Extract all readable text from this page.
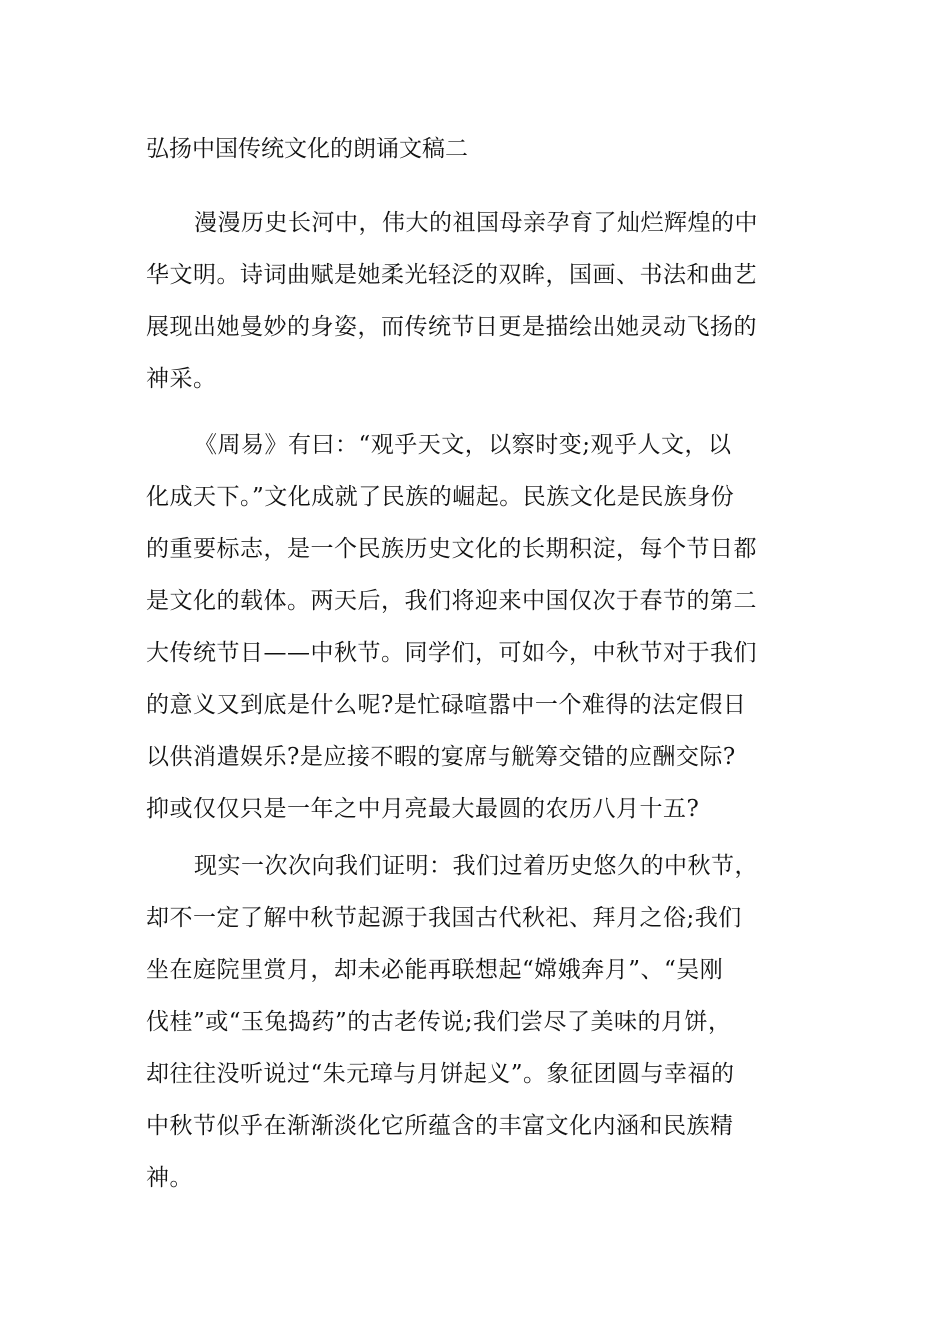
弘扬中国传统文化的朗诵文稿二
漫漫历史长河中，伟大的祖国母亲孕育了灿烂辉煌的中
华文明。诗词曲赋是她柔光轻泛的双眸，国画、书法和曲艺
展现出她曼妙的身姿，而传统节日更是描绘出她灵动飞扬的
神采。
《周易》有曰：“观乎天文，以察时变;观乎人文，以
化成天下。”文化成就了民族的崛起。民族文化是民族身份
的重要标志，是一个民族历史文化的长期积淀，每个节日都
是文化的载体。两天后，我们将迎来中国仅次于春节的第二
大传统节日——中秋节。同学们，可如今，中秋节对于我们
的意义又到底是什么呢?是忙碌喧嚣中一个难得的法定假日
以供消遣娱乐?是应接不暇的宴席与觥筹交错的应酬交际?
抑或仅仅只是一年之中月亮最大最圆的农历八月十五?
现实一次次向我们证明：我们过着历史悠久的中秋节，
却不一定了解中秋节起源于我国古代秋祀、拜月之俗;我们
坐在庭院里赏月，却未必能再联想起“嫦娥奔月”、“吴刚
伐桂”或“玉兔捣药”的古老传说;我们尝尽了美味的月饼，
却往往没听说过“朱元璋与月饼起义”。象征团圆与幸福的
中秋节似乎在渐渐淡化它所蕴含的丰富文化内涵和民族精
神。
